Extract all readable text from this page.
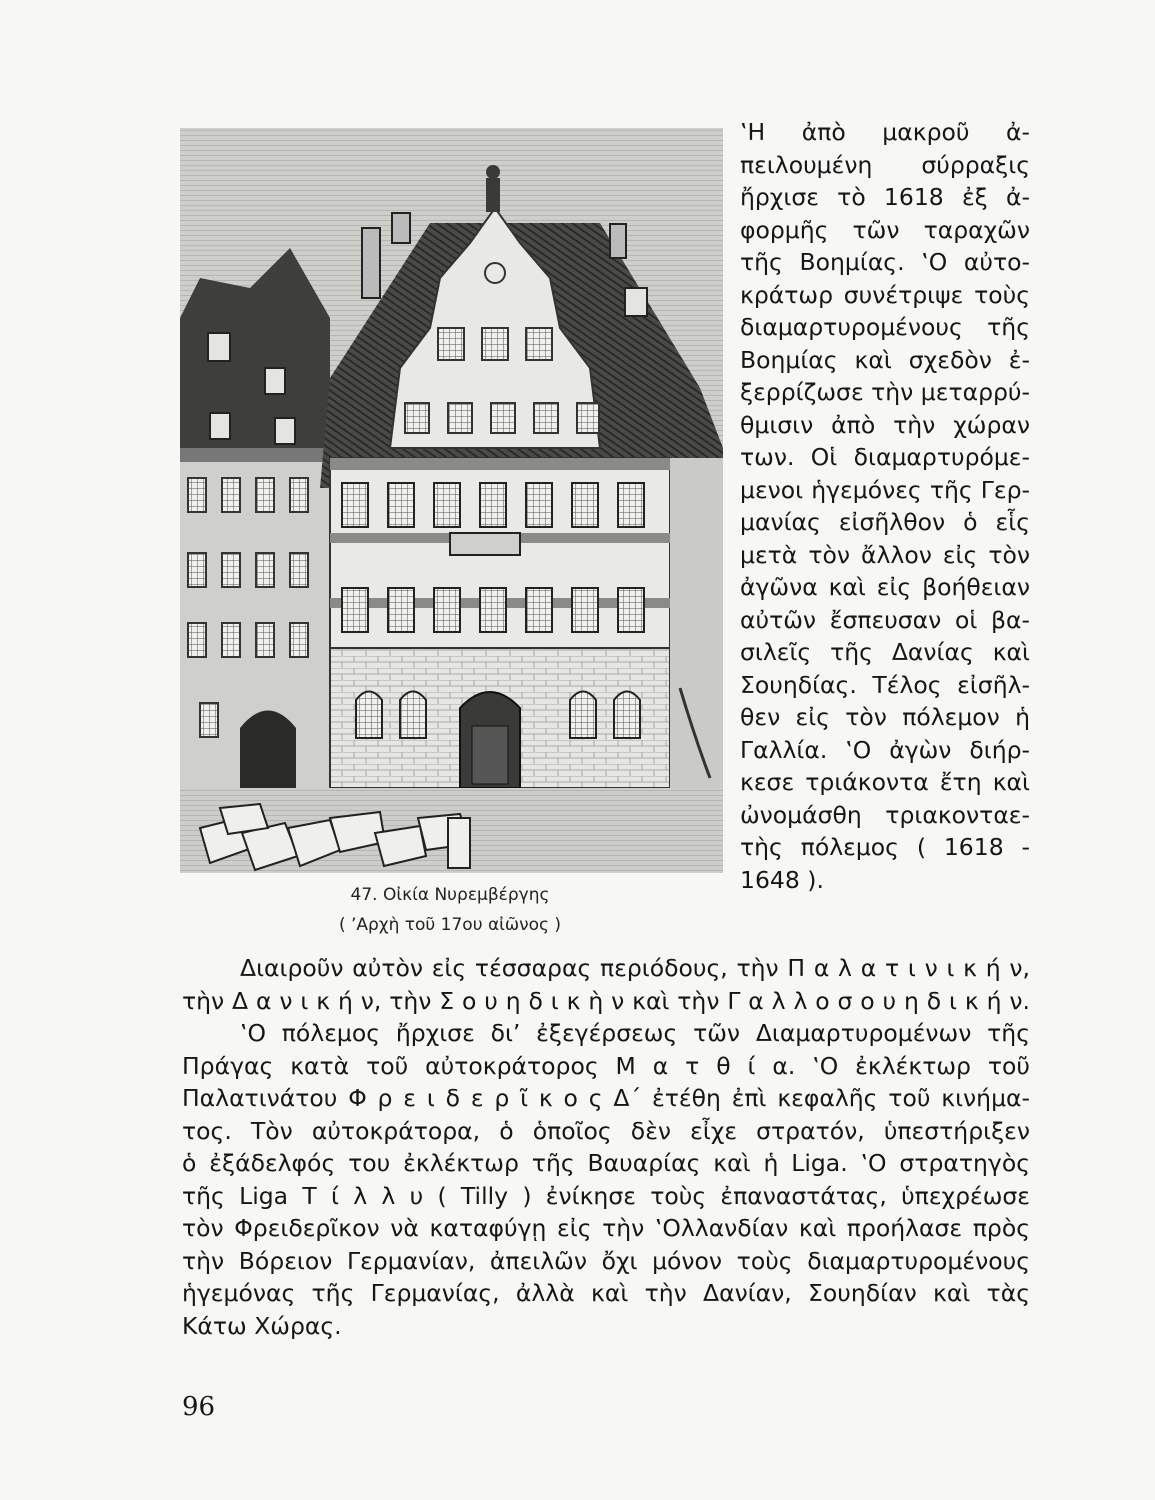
47. Οἰκία Νυρεμβέργης
( ’Αρχὴ τοῦ 17ου αἰῶνος )
‛Η ἀπὸ μακροῦ ἀ-
πειλουμένη σύρραξις
ἤρχισε τὸ 1618 ἐξ ἀ-
φορμῆς τῶν ταραχῶν
τῆς Βοημίας. ‛Ο αὐτο-
κράτωρ συνέτριψε τοὺς
διαμαρτυρομένους τῆς
Βοημίας καὶ σχεδὸν ἐ-
ξερρίζωσε τὴν μεταρρύ-
θμισιν ἀπὸ τὴν χώραν
των. Οἱ διαμαρτυρόμε-
μενοι ἡγεμόνες τῆς Γερ-
μανίας εἰσῆλθον ὁ εἷς
μετὰ τὸν ἄλλον εἰς τὸν
ἀγῶνα καὶ εἰς βοήθειαν
αὐτῶν ἔσπευσαν οἱ βα-
σιλεῖς τῆς Δανίας καὶ
Σουηδίας. Τέλος εἰσῆλ-
θεν εἰς τὸν πόλεμον ἡ
Γαλλία. ‛Ο ἀγὼν διήρ-
κεσε τριάκοντα ἔτη καὶ
ὠνομάσθη τριακονταε-
τὴς πόλεμος ( 1618 -
1648 ).
Διαιροῦν αὐτὸν εἰς τέσσαρας περιόδους, τὴν Π α λ α τ ι ν ι κ ή ν,
τὴν Δ α ν ι κ ή ν, τὴν Σ ο υ η δ ι κ ὴ ν καὶ τὴν Γ α λ λ ο σ ο υ η δ ι κ ή ν.
‛Ο πόλεμος ἤρχισε δι’ ἐξεγέρσεως τῶν Διαμαρτυρομένων τῆς
Πράγας κατὰ τοῦ αὐτοκράτορος Μ α τ θ ί α. ‛Ο ἐκλέκτωρ τοῦ
Παλατινάτου Φ ρ ε ι δ ε ρ ῖ κ ο ς Δ΄ ἐτέθη ἐπὶ κεφαλῆς τοῦ κινήμα-
τος. Τὸν αὐτοκράτορα, ὁ ὁποῖος δὲν εἶχε στρατόν, ὑπεστήριξεν
ὁ ἐξάδελφός του ἐκλέκτωρ τῆς Βαυαρίας καὶ ἡ Liga. ‛Ο στρατηγὸς
τῆς Liga Τ ί λ λ υ ( Tilly ) ἐνίκησε τοὺς ἐπαναστάτας, ὑπεχρέωσε
τὸν Φρειδερῖκον νὰ καταφύγῃ εἰς τὴν ‛Ολλανδίαν καὶ προήλασε πρὸς
τὴν Βόρειον Γερμανίαν, ἀπειλῶν ὄχι μόνον τοὺς διαμαρτυρομένους
ἡγεμόνας τῆς Γερμανίας, ἀλλὰ καὶ τὴν Δανίαν, Σουηδίαν καὶ τὰς
Κάτω Χώρας.
96
